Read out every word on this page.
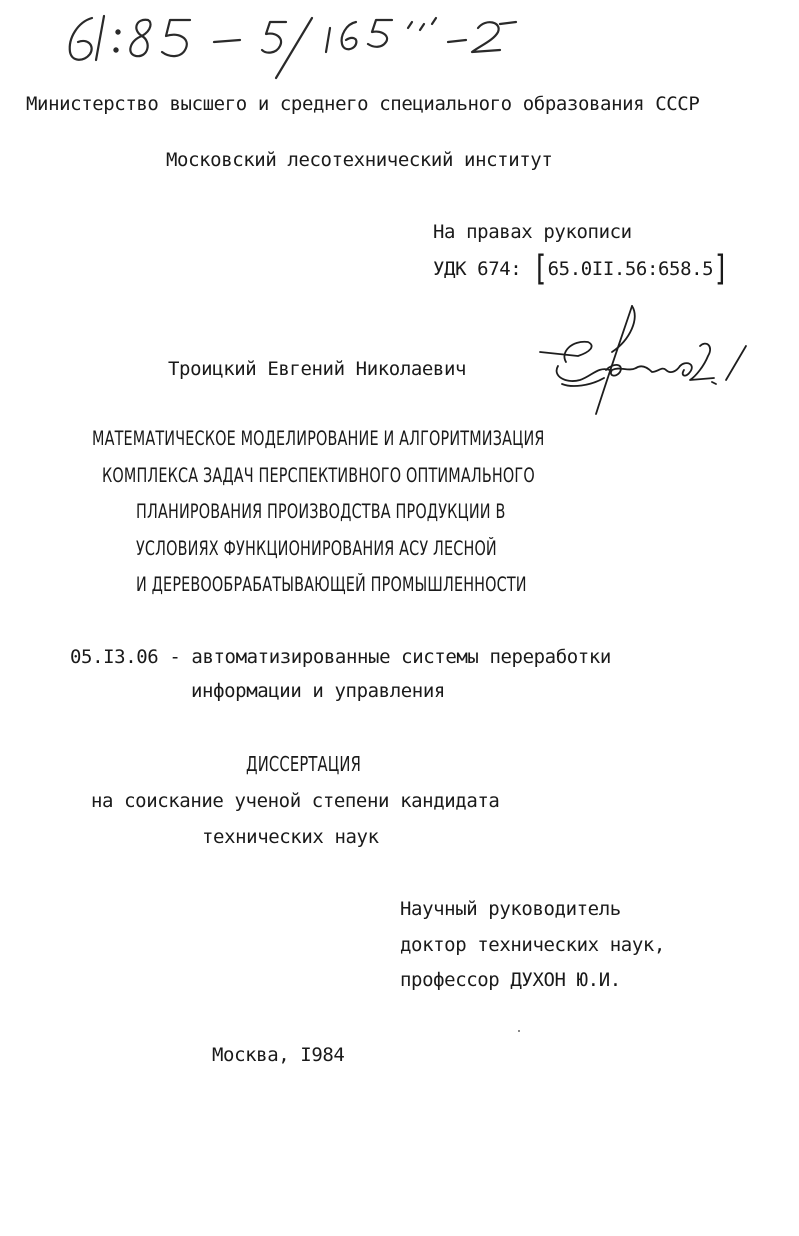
Министерство высшего и среднего специального образования СССР
Московский лесотехнический институт
На правах рукописи
УДК 674: [65.0II.56:658.5]
Троицкий Евгений Николаевич
МАТЕМАТИЧЕСКОЕ МОДЕЛИРОВАНИЕ И АЛГОРИТМИЗАЦИЯ
КОМПЛЕКСА ЗАДАЧ ПЕРСПЕКТИВНОГО ОПТИМАЛЬНОГО
ПЛАНИРОВАНИЯ ПРОИЗВОДСТВА ПРОДУКЦИИ В
УСЛОВИЯХ ФУНКЦИОНИРОВАНИЯ АСУ ЛЕСНОЙ
И ДЕРЕВООБРАБАТЫВАЮЩЕЙ ПРОМЫШЛЕННОСТИ
05.I3.06 - автоматизированные системы переработки
информации и управления
ДИССЕРТАЦИЯ
на соискание ученой степени кандидата
технических наук
Научный руководитель
доктор технических наук,
профессор ДУХОН Ю.И.
Москва, I984
